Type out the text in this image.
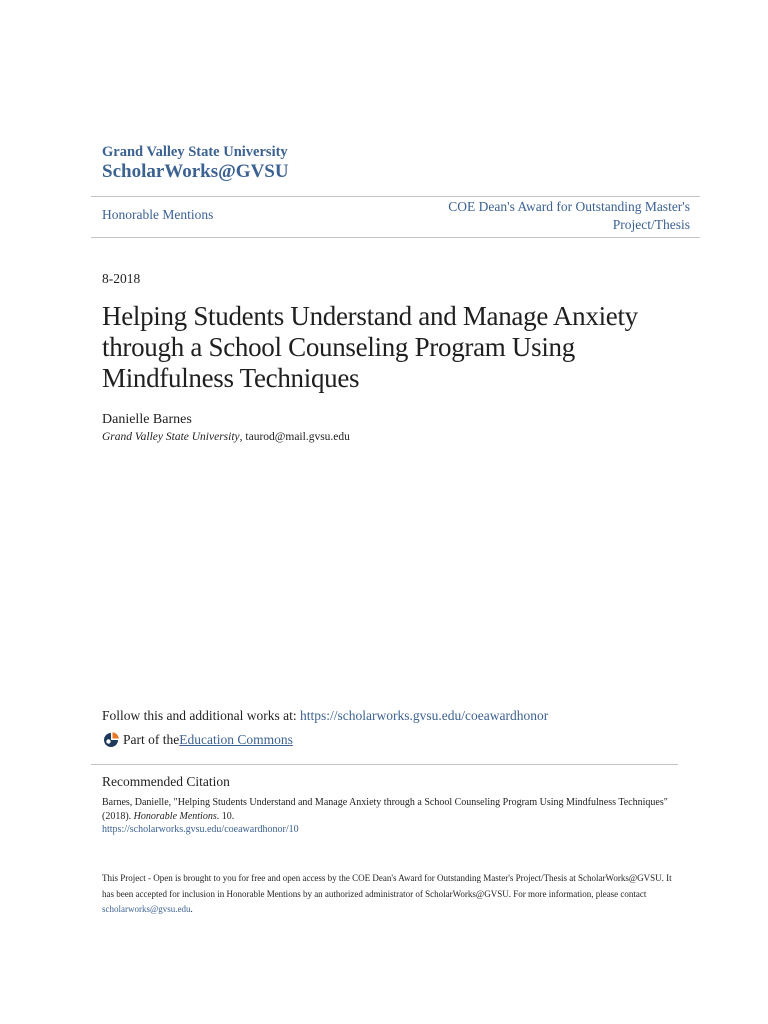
Grand Valley State University
ScholarWorks@GVSU
Honorable Mentions
COE Dean's Award for Outstanding Master's
Project/Thesis
8-2018
Helping Students Understand and Manage Anxiety
through a School Counseling Program Using
Mindfulness Techniques
Danielle Barnes
Grand Valley State University, taurod@mail.gvsu.edu
Follow this and additional works at: https://scholarworks.gvsu.edu/coeawardhonor
Part of the Education Commons
Recommended Citation
Barnes, Danielle, "Helping Students Understand and Manage Anxiety through a School Counseling Program Using Mindfulness Techniques" (2018). Honorable Mentions. 10.
https://scholarworks.gvsu.edu/coeawardhonor/10
This Project - Open is brought to you for free and open access by the COE Dean's Award for Outstanding Master's Project/Thesis at ScholarWorks@GVSU. It has been accepted for inclusion in Honorable Mentions by an authorized administrator of ScholarWorks@GVSU. For more information, please contact scholarworks@gvsu.edu.
